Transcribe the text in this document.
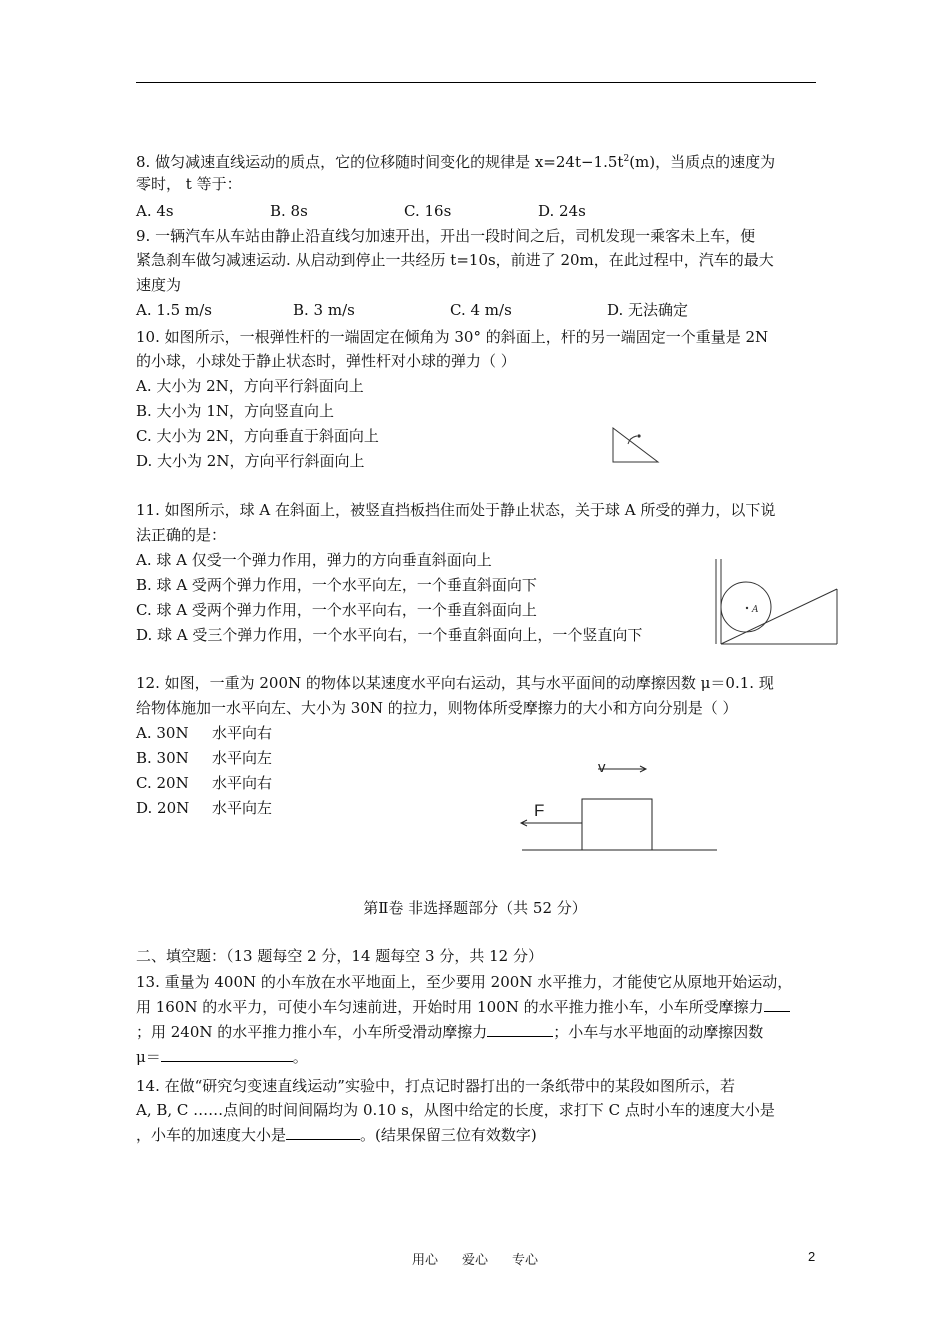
8. 做匀减速直线运动的质点，它的位移随时间变化的规律是 $x=24t-1.5t^2(m)$，当质点的速度为
零时， t 等于：
A. 4s	B. 8s	C. 16s	D. 24s
9. 一辆汽车从车站由静止沿直线匀加速开出，开出一段时间之后，司机发现一乘客未上车，便
紧急刹车做匀减速运动. 从启动到停止一共经历 t=10s，前进了 20m，在此过程中，汽车的最大
速度为
A. 1.5 m/s	B. 3 m/s	C. 4 m/s	D. 无法确定
10. 如图所示，一根弹性杆的一端固定在倾角为 30° 的斜面上，杆的另一端固定一个重量是 2N
的小球，小球处于静止状态时，弹性杆对小球的弹力（ ）
A. 大小为 2N，方向平行斜面向上
B. 大小为 1N，方向竖直向上
C. 大小为 2N，方向垂直于斜面向上
D. 大小为 2N，方向平行斜面向上
11. 如图所示，球 A 在斜面上，被竖直挡板挡住而处于静止状态，关于球 A 所受的弹力，以下说
法正确的是：
A. 球 A 仅受一个弹力作用，弹力的方向垂直斜面向上
B. 球 A 受两个弹力作用，一个水平向左，一个垂直斜面向下
C. 球 A 受两个弹力作用，一个水平向右，一个垂直斜面向上
D. 球 A 受三个弹力作用，一个水平向右，一个垂直斜面向上，一个竖直向下
A
12. 如图，一重为 200N 的物体以某速度水平向右运动，其与水平面间的动摩擦因数 μ＝0.1. 现
给物体施加一水平向左、大小为 30N 的拉力，则物体所受摩擦力的大小和方向分别是（ ）
A. 30N 水平向右
B. 30N 水平向左
C. 20N 水平向右
D. 20N 水平向左
v
F
第Ⅱ卷 非选择题部分（共 52 分）
二、填空题：（13 题每空 2 分，14 题每空 3 分，共 12 分）
13. 重量为 400N 的小车放在水平地面上，至少要用 200N 水平推力，才能使它从原地开始运动，
用 160N 的水平力，可使小车匀速前进，开始时用 100N 的水平推力推小车，小车所受摩擦力
；用 240N 的水平推力推小车，小车所受滑动摩擦力	；小车与水平地面的动摩擦因数
μ＝	。
14. 在做“研究匀变速直线运动”实验中，打点记时器打出的一条纸带中的某段如图所示，若
A, B, C ……点间的时间间隔均为 0.10 s，从图中给定的长度，求打下 C 点时小车的速度大小是
，小车的加速度大小是	。(结果保留三位有效数字)
用心 爱心 专心	2
